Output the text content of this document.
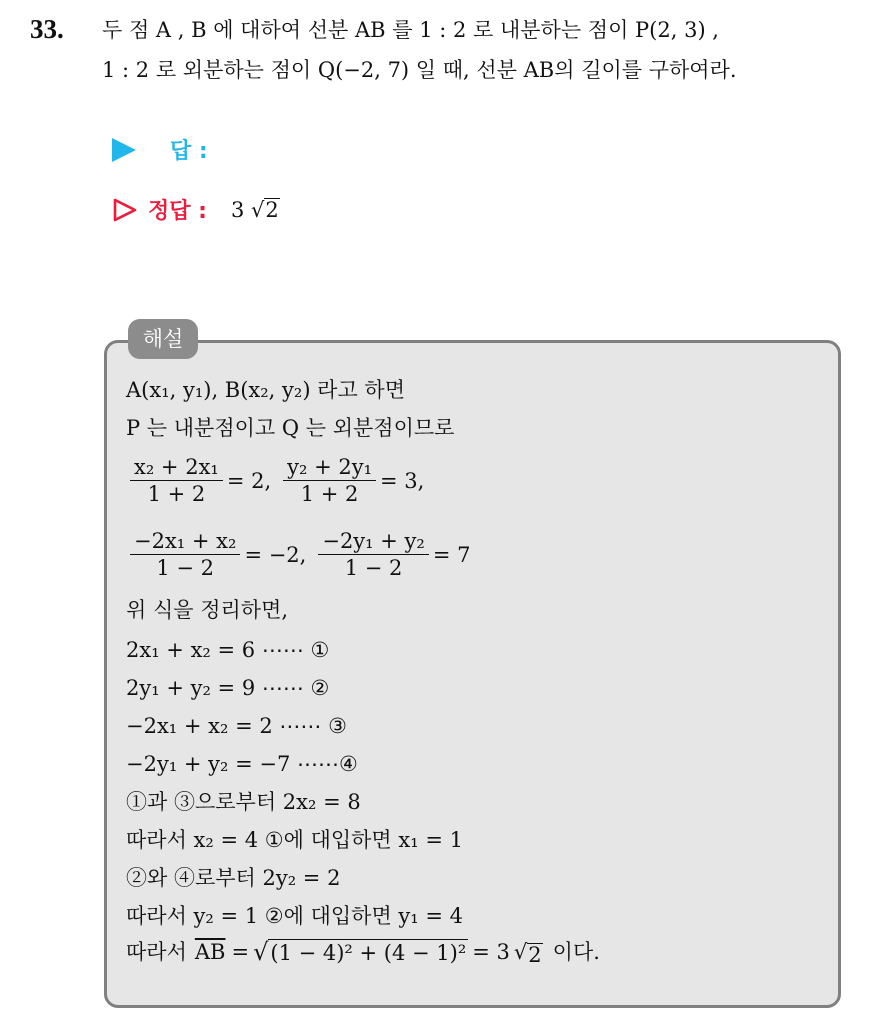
33. 두 점 A , B 에 대하여 선분 AB 를 1 : 2 로 내분하는 점이 P(2, 3) ,
1 : 2 로 외분하는 점이 Q(−2, 7) 일 때, 선분 AB의 길이를 구하여라.
답 :
정답 : 3 √ 2
해설
A(x₁, y₁), B(x₂, y₂) 라고 하면
P 는 내분점이고 Q 는 외분점이므로
$\frac{\text{x₂ + 2x₁}}{1 + 2} = 2$, $\frac{\text{y₂ + 2y₁}}{1 + 2} = 3$,
$\frac{\text{−2x₁ + x₂}}{1 - 2} = -2$, $\frac{\text{−2y₁ + y₂}}{1 - 2} = 7$
위 식을 정리하면,
2x₁ + x₂ = 6 ⋯⋯ ①
2y₁ + y₂ = 9 ⋯⋯ ②
−2x₁ + x₂ = 2 ⋯⋯ ③
−2y₁ + y₂ = −7 ⋯⋯④
①과 ③으로부터 2x₂ = 8
따라서 x₂ = 4 ①에 대입하면 x₁ = 1
②와 ④로부터 2y₂ = 2
따라서 y₂ = 1 ②에 대입하면 y₁ = 4
따라서 $\overline{AB}$ = √ (1 − 4)² + (4 − 1)² = 3 √ 2 이다.
